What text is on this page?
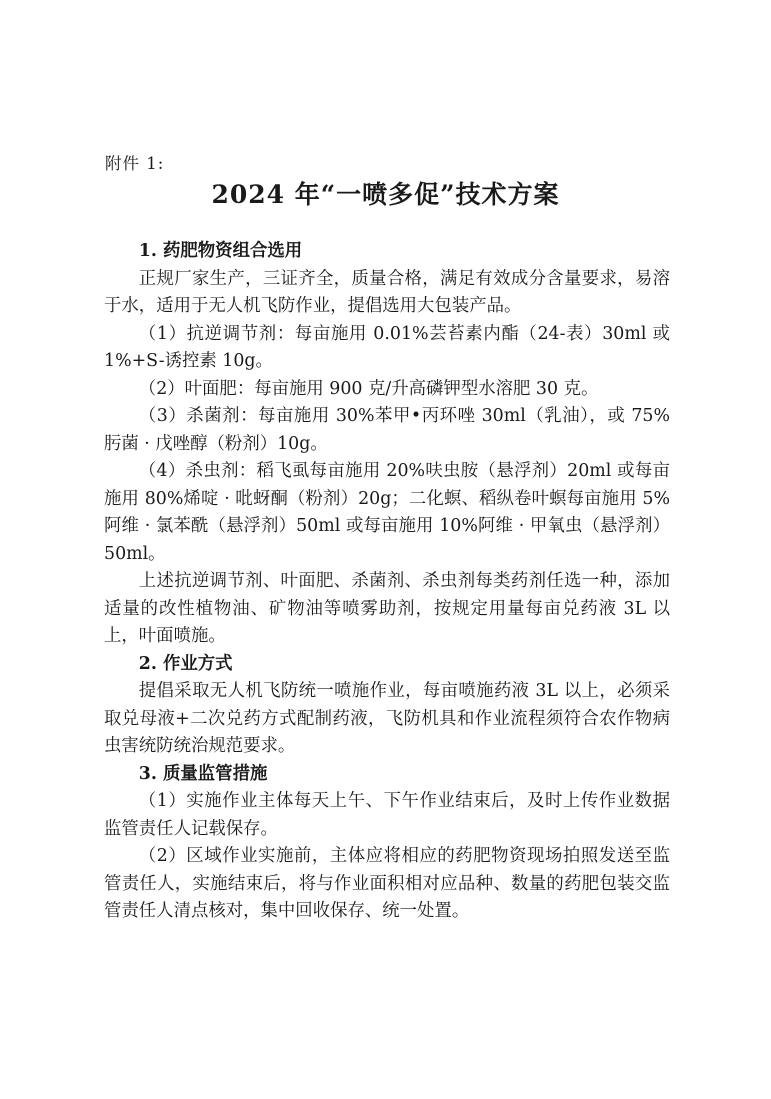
附件 1:
2024 年“一喷多促”技术方案

1. 药肥物资组合选用

正规厂家生产，三证齐全，质量合格，满足有效成分含量要求，易溶于水，适用于无人机飞防作业，提倡选用大包装产品。

（1）抗逆调节剂：每亩施用 0.01%芸苔素内酯（24-表）30ml 或 1%+S-诱控素 10g。

（2）叶面肥：每亩施用 900 克/升高磷钾型水溶肥 30 克。

（3）杀菌剂：每亩施用 30%苯甲•丙环唑 30ml（乳油），或 75%肟菌 · 戊唑醇（粉剂）10g。

（4）杀虫剂：稻飞虱每亩施用 20%呋虫胺（悬浮剂）20ml 或每亩施用 80%烯啶 · 吡蚜酮（粉剂）20g；二化螟、稻纵卷叶螟每亩施用 5%阿维 · 氯苯酰（悬浮剂）50ml 或每亩施用 10%阿维 · 甲氧虫（悬浮剂）50ml。

上述抗逆调节剂、叶面肥、杀菌剂、杀虫剂每类药剂任选一种，添加适量的改性植物油、矿物油等喷雾助剂，按规定用量每亩兑药液 3L 以上，叶面喷施。

2. 作业方式

提倡采取无人机飞防统一喷施作业，每亩喷施药液 3L 以上，必须采取兑母液+二次兑药方式配制药液，飞防机具和作业流程须符合农作物病虫害统防统治规范要求。

3. 质量监管措施

（1）实施作业主体每天上午、下午作业结束后，及时上传作业数据监管责任人记载保存。

（2）区域作业实施前，主体应将相应的药肥物资现场拍照发送至监管责任人，实施结束后，将与作业面积相对应品种、数量的药肥包装交监管责任人清点核对，集中回收保存、统一处置。
